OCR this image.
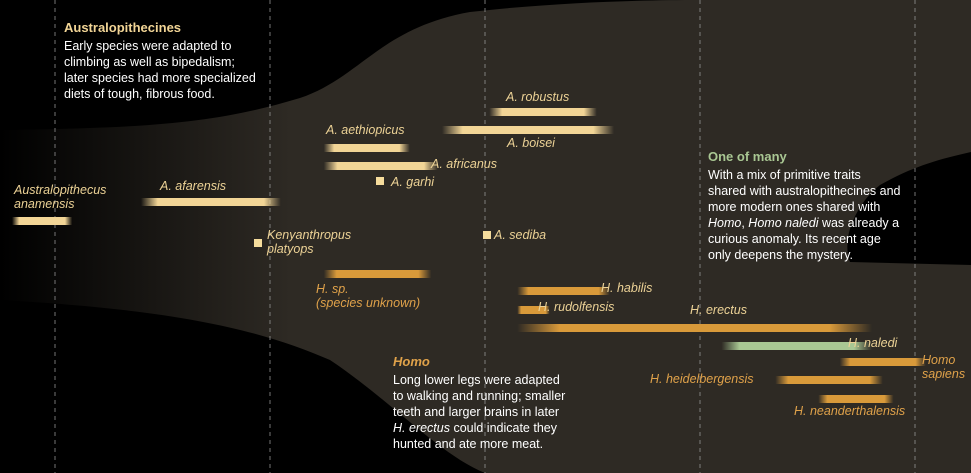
Australopithecus
anamensis
A. afarensis
A. aethiopicus
A. africanus
A. garhi
A. robustus
A. boisei
Kenyanthropus
platyops
A. sediba
H. sp.
(species unknown)
H. habilis
H. rudolfensis	H. erectus
H. naledi
H. heidelbergensis
H. neanderthalensis
Homo
sapiens
Australopithecines

Early species were adapted to

climbing as well as bipedalism;

later species had more specialized

diets of tough, fibrous food.

Homo

Long lower legs were adapted

to walking and running; smaller

teeth and larger brains in later

H. erectus could indicate they

hunted and ate more meat.

One of many

With a mix of primitive traits

shared with australopithecines and

more modern ones shared with

Homo, Homo naledi was already a

curious anomaly. Its recent age

only deepens the mystery.
